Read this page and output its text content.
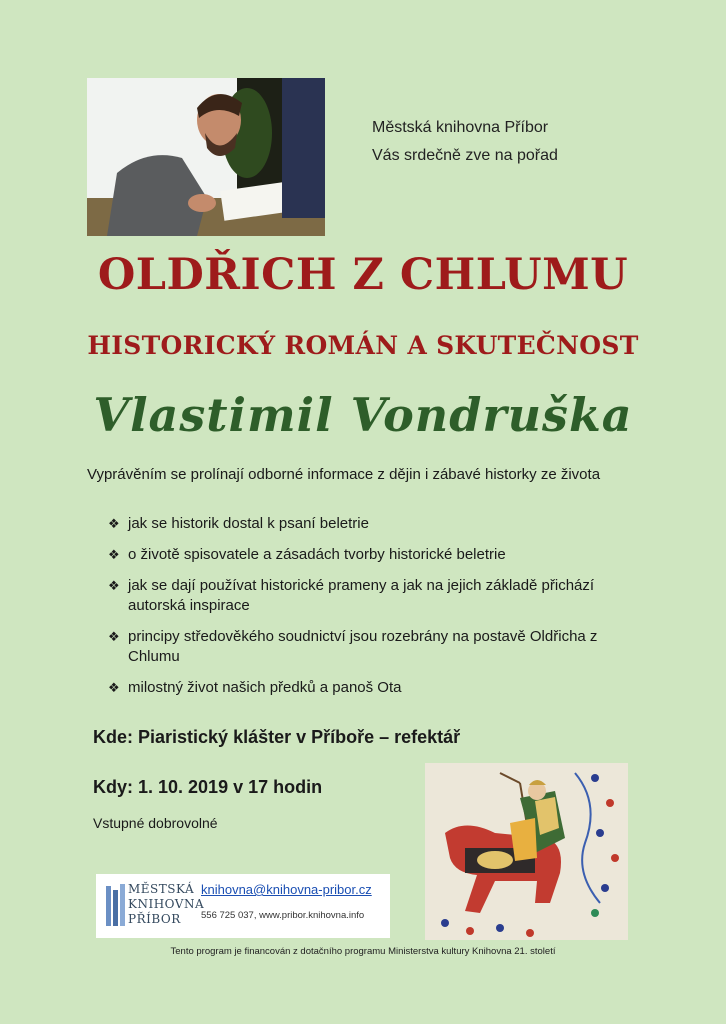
Městská knihovna Příbor
Vás srdečně zve na pořad
OLDŘICH Z CHLUMU
HISTORICKÝ ROMÁN A SKUTEČNOST
Vlastimil Vondruška
Vyprávěním se prolínají odborné informace z dějin i zábavé historky ze života
❖ jak se historik dostal k psaní beletrie
❖ o životě spisovatele a zásadách tvorby historické beletrie
❖ jak se dají používat historické prameny a jak na jejich základě přichází autorská inspirace
❖ principy středověkého soudnictví jsou rozebrány na postavě Oldřicha z Chlumu
❖ milostný život našich předků a panoš Ota
Kde: Piaristický klášter v Příboře – refektář
Kdy: 1. 10. 2019 v 17 hodin
Vstupné dobrovolné
MĚSTSKÁ
KNIHOVNA
PŘÍBOR
knihovna@knihovna-pribor.cz
556 725 037, www.pribor.knihovna.info
Tento program je financován z dotačního programu Ministerstva kultury Knihovna 21. století
